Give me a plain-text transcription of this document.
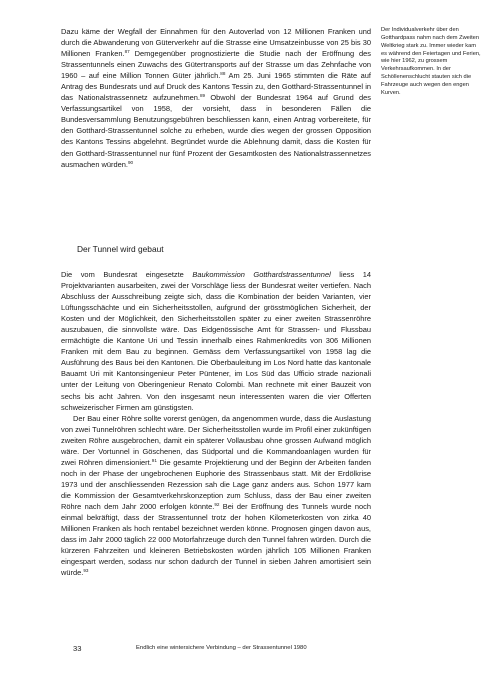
Dazu käme der Wegfall der Einnahmen für den Autoverlad von 12 Millionen Franken und durch die Abwanderung von Güterverkehr auf die Strasse eine Umsatzeinbusse von 25 bis 30 Millionen Franken.$^{87}$ Demgegenüber prognostizierte die Studie nach der Eröffnung des Strassentunnels einen Zuwachs des Gütertransports auf der Strasse um das Zehnfache von 1960 – auf eine Million Tonnen Güter jährlich.$^{88}$ Am 25. Juni 1965 stimmten die Räte auf Antrag des Bundesrats und auf Druck des Kantons Tessin zu, den Gotthard-Strassentunnel in das Nationalstrassennetz aufzunehmen.$^{89}$ Obwohl der Bundesrat 1964 auf Grund des Verfassungsartikel von 1958, der vorsieht, dass in besonderen Fällen die Bundesversammlung Benutzungsgebühren beschliessen kann, einen Antrag vorbereitete, für den Gotthard-Strassentunnel solche zu erheben, wurde dies wegen der grossen Opposition des Kantons Tessins abgelehnt. Begründet wurde die Ablehnung damit, dass die Kosten für den Gotthard-Strassentunnel nur fünf Prozent der Gesamtkosten des Nationalstrassennetzes ausmachen würden.$^{90}$

Der Tunnel wird gebaut

Die vom Bundesrat eingesetzte Baukommission Gotthardstrassentunnel liess 14 Projektvarianten ausarbeiten, zwei der Vorschläge liess der Bundesrat weiter vertiefen. Nach Abschluss der Ausschreibung zeigte sich, dass die Kombination der beiden Varianten, vier Lüftungsschächte und ein Sicherheitsstollen, aufgrund der grösstmöglichen Sicherheit, der Kosten und der Möglichkeit, den Sicherheitsstollen später zu einer zweiten Strassenröhre auszubauen, die sinnvollste wäre. Das Eidgenössische Amt für Strassen- und Flussbau ermächtigte die Kantone Uri und Tessin innerhalb eines Rahmenkredits von 306 Millionen Franken mit dem Bau zu beginnen. Gemäss dem Verfassungsartikel von 1958 lag die Ausführung des Baus bei den Kantonen. Die Oberbauleitung im Los Nord hatte das kantonale Bauamt Uri mit Kantonsingenieur Peter Püntener, im Los Süd das Ufficio strade nazionali unter der Leitung von Oberingenieur Renato Colombi. Man rechnete mit einer Bauzeit von sechs bis acht Jahren. Von den insgesamt neun interessenten waren die vier Offerten schweizerischer Firmen am günstigsten.

Der Bau einer Röhre sollte vorerst genügen, da angenommen wurde, dass die Auslastung von zwei Tunnelröhren schlecht wäre. Der Sicherheitsstollen wurde im Profil einer zukünftigen zweiten Röhre ausgebrochen, damit ein späterer Vollausbau ohne grossen Aufwand möglich wäre. Der Vortunnel in Göschenen, das Südportal und die Kommandoanlagen wurden für zwei Röhren dimensioniert.$^{91}$ Die gesamte Projektierung und der Beginn der Arbeiten fanden noch in der Phase der ungebrochenen Euphorie des Strassenbaus statt. Mit der Erdölkrise 1973 und der anschliessenden Rezession sah die Lage ganz anders aus. Schon 1977 kam die Kommission der Gesamtverkehrskonzeption zum Schluss, dass der Bau einer zweiten Röhre nach dem Jahr 2000 erfolgen könnte.$^{92}$ Bei der Eröffnung des Tunnels wurde noch einmal bekräftigt, dass der Strassentunnel trotz der hohen Kilometerkosten von zirka 40 Millionen Franken als hoch rentabel bezeichnet werden könne. Prognosen gingen davon aus, dass im Jahr 2000 täglich 22 000 Motorfahrzeuge durch den Tunnel fahren würden. Durch die kürzeren Fahrzeiten und kleineren Betriebskosten würden jährlich 105 Millionen Franken eingespart werden, sodass nur schon dadurch der Tunnel in sieben Jahren amortisiert sein würde.$^{93}$

Der Individualverkehr über den Gotthardpass nahm nach dem Zweiten Weltkrieg stark zu. Immer wieder kam es während den Feiertagen und Ferien, wie hier 1962, zu grossem Verkehrsaufkommen. In der Schöllenenschlucht stauten sich die Fahrzeuge auch wegen den engen Kurven.

33	Endlich eine wintersichere Verbindung – der Strassentunnel 1980
